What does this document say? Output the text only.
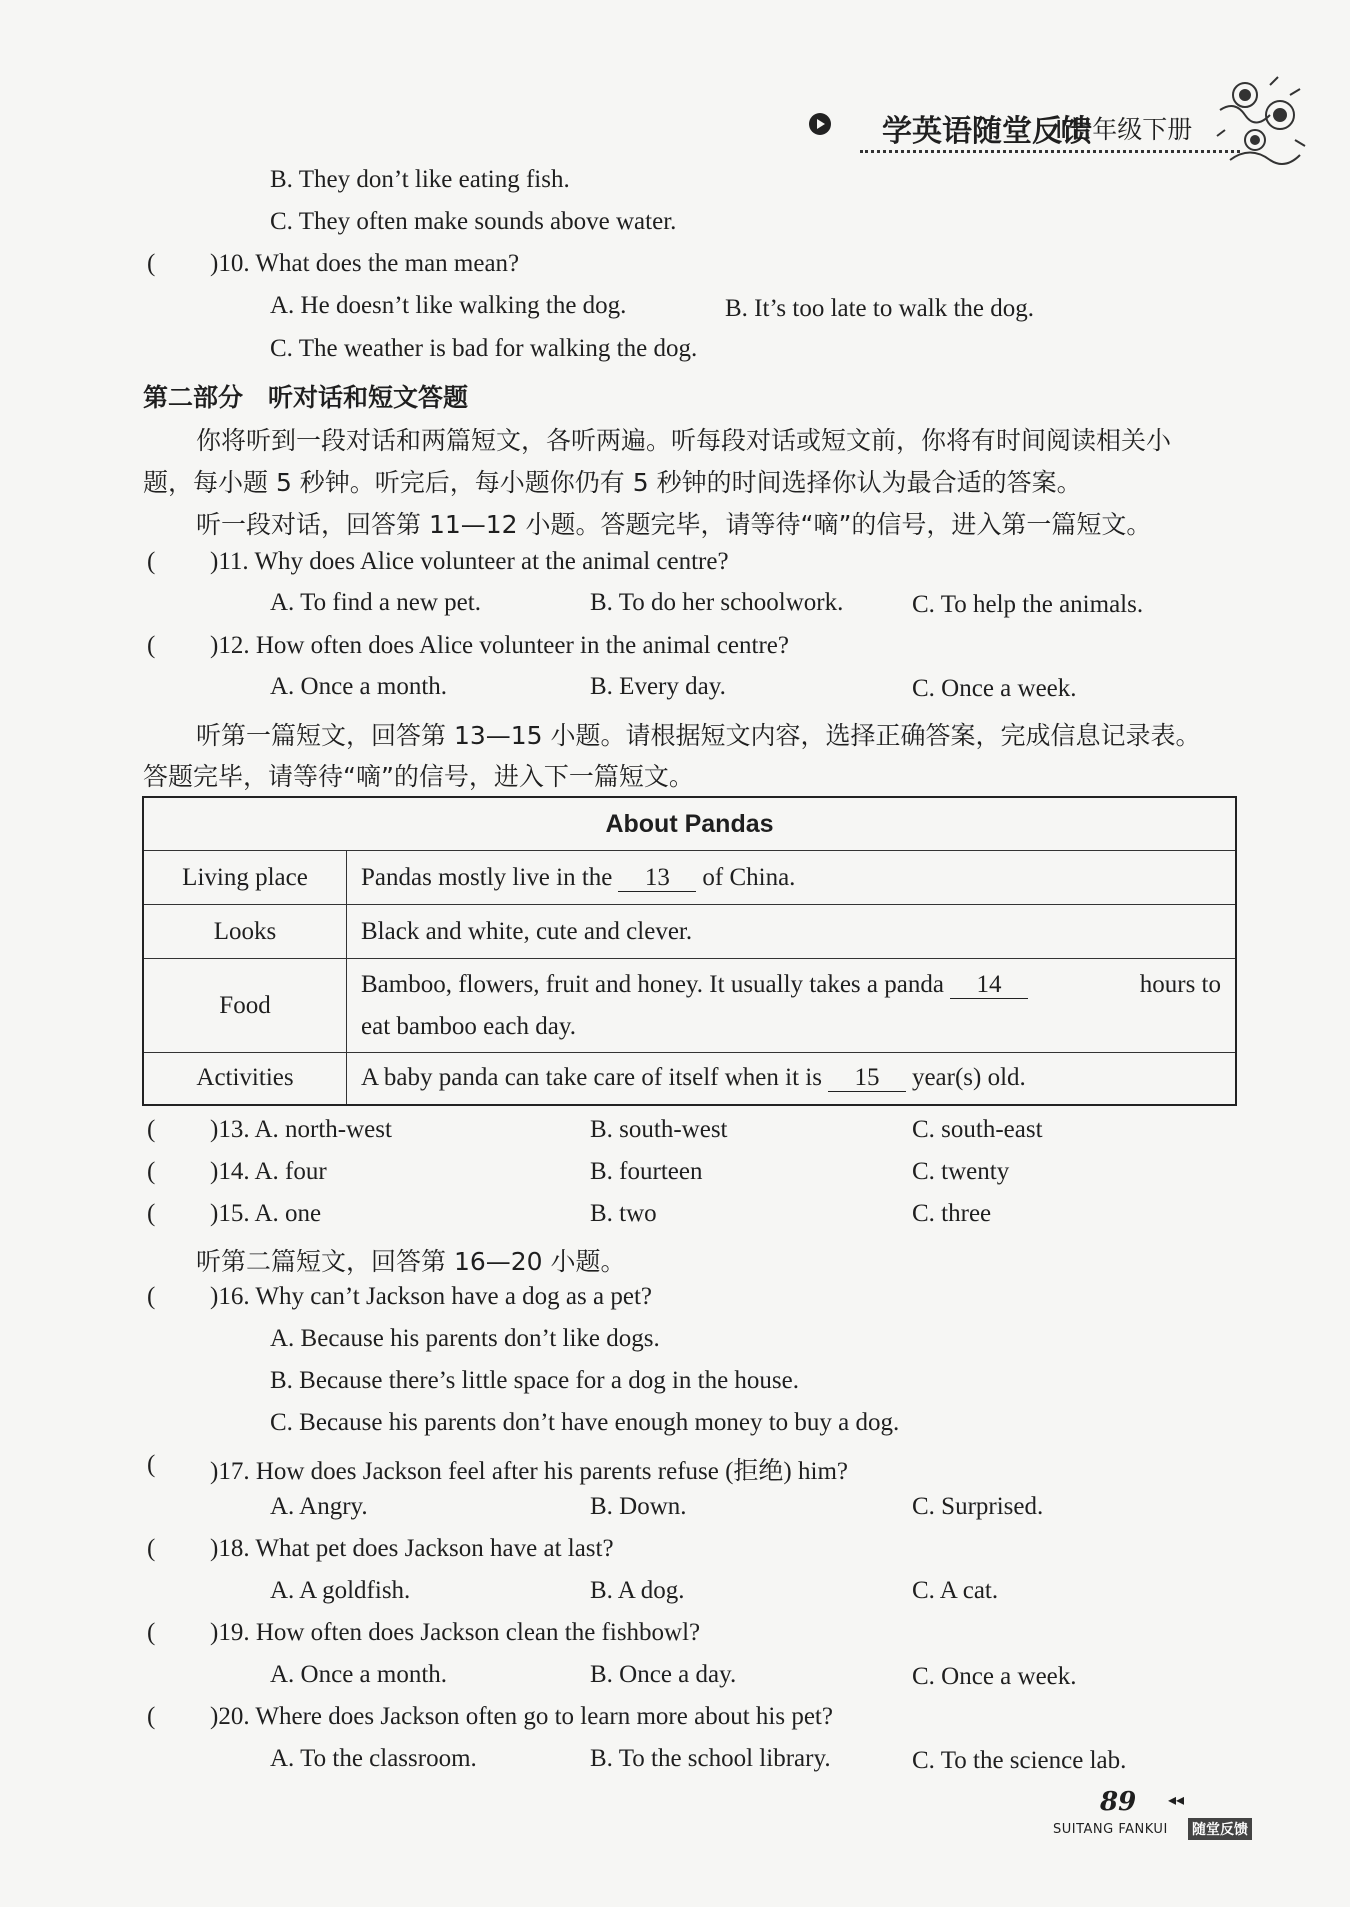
学英语随堂反馈
Ⅱ七年级下册
B. They don’t like eating fish.
C. They often make sounds above water.
( )10. What does the man mean?
A. He doesn’t like walking the dog.	B. It’s too late to walk the dog.
C. The weather is bad for walking the dog.
第二部分　听对话和短文答题
你将听到一段对话和两篇短文，各听两遍。听每段对话或短文前，你将有时间阅读相关小
题，每小题 5 秒钟。听完后，每小题你仍有 5 秒钟的时间选择你认为最合适的答案。
听一段对话，回答第 11—12 小题。答题完毕，请等待“嘀”的信号，进入第一篇短文。
( )11. Why does Alice volunteer at the animal centre?
A. To find a new pet.	B. To do her schoolwork.	C. To help the animals.
( )12. How often does Alice volunteer in the animal centre?
A. Once a month.	B. Every day.	C. Once a week.
听第一篇短文，回答第 13—15 小题。请根据短文内容，选择正确答案，完成信息记录表。
答题完毕，请等待“嘀”的信号，进入下一篇短文。
About Pandas	
Living place	Pandas mostly live in the 13 of China.
Looks	Black and white, cute and clever.
Food	Bamboo, flowers, fruit and honey. It usually takes a panda 14 hours to
eat bamboo each day.

Activities	A baby panda can take care of itself when it is 15 year(s) old.
( )13. A. north-west	B. south-west	C. south-east
( )14. A. four	B. fourteen	C. twenty
( )15. A. one	B. two	C. three
听第二篇短文，回答第 16—20 小题。
( )16. Why can’t Jackson have a dog as a pet?
A. Because his parents don’t like dogs.
B. Because there’s little space for a dog in the house.
C. Because his parents don’t have enough money to buy a dog.
( )17. How does Jackson feel after his parents refuse (拒绝) him?
A. Angry.	B. Down.	C. Surprised.
( )18. What pet does Jackson have at last?
A. A goldfish.	B. A dog.	C. A cat.
( )19. How often does Jackson clean the fishbowl?
A. Once a month.	B. Once a day.	C. Once a week.
( )20. Where does Jackson often go to learn more about his pet?
A. To the classroom.	B. To the school library.	C. To the science lab.
89 ◂◂
SUITANG FANKUI 随堂反馈
